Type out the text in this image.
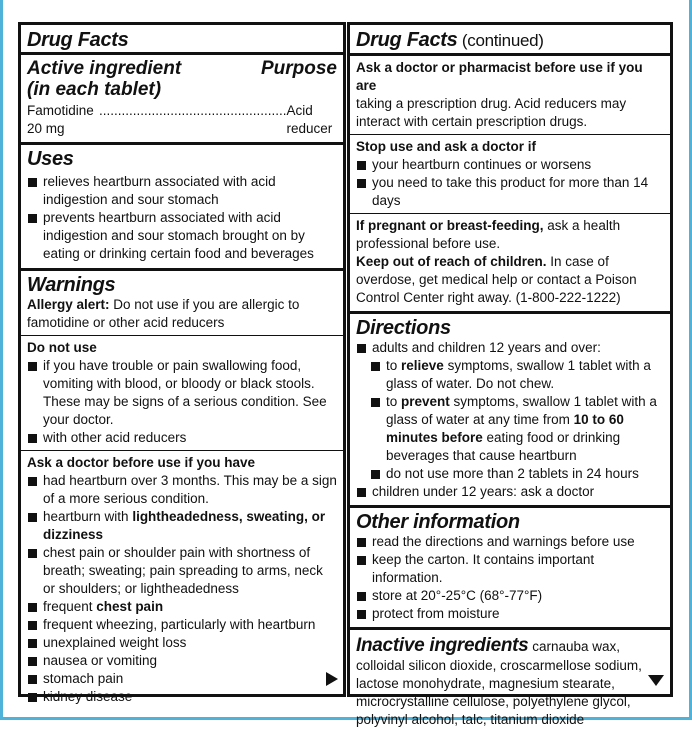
Drug Facts
Active ingredient	Purpose
(in each tablet)
Famotidine 20 mg
.................................................. Acid reducer
Uses
relieves heartburn associated with acid indigestion and sour stomach
prevents heartburn associated with acid indigestion and sour stomach brought on by eating or drinking certain food and beverages
Warnings
Allergy alert: Do not use if you are allergic to famotidine or other acid reducers
Do not use
if you have trouble or pain swallowing food, vomiting with blood, or bloody or black stools. These may be signs of a serious condition. See your doctor.
with other acid reducers
Ask a doctor before use if you have
had heartburn over 3 months. This may be a sign of a more serious condition.
heartburn with lightheadedness, sweating, or dizziness
chest pain or shoulder pain with shortness of breath; sweating; pain spreading to arms, neck or shoulders; or lightheadedness
frequent chest pain
frequent wheezing, particularly with heartburn
unexplained weight loss
nausea or vomiting
stomach pain
kidney disease
Drug Facts (continued)
Ask a doctor or pharmacist before use if you are
taking a prescription drug. Acid reducers may interact with certain prescription drugs.
Stop use and ask a doctor if
your heartburn continues or worsens
you need to take this product for more than 14 days
If pregnant or breast-feeding, ask a health professional before use.
Keep out of reach of children. In case of overdose, get medical help or contact a Poison Control Center right away. (1-800-222-1222)
Directions
adults and children 12 years and over:
to relieve symptoms, swallow 1 tablet with a glass of water. Do not chew.
to prevent symptoms, swallow 1 tablet with a glass of water at any time from 10 to 60 minutes before eating food or drinking beverages that cause heartburn
do not use more than 2 tablets in 24 hours
children under 12 years: ask a doctor
Other information
read the directions and warnings before use
keep the carton. It contains important information.
store at 20°-25°C (68°-77°F)
protect from moisture
Inactive ingredients carnauba wax, colloidal silicon dioxide, croscarmellose sodium, lactose monohydrate, magnesium stearate, microcrystalline cellulose, polyethylene glycol, polyvinyl alcohol, talc, titanium dioxide
